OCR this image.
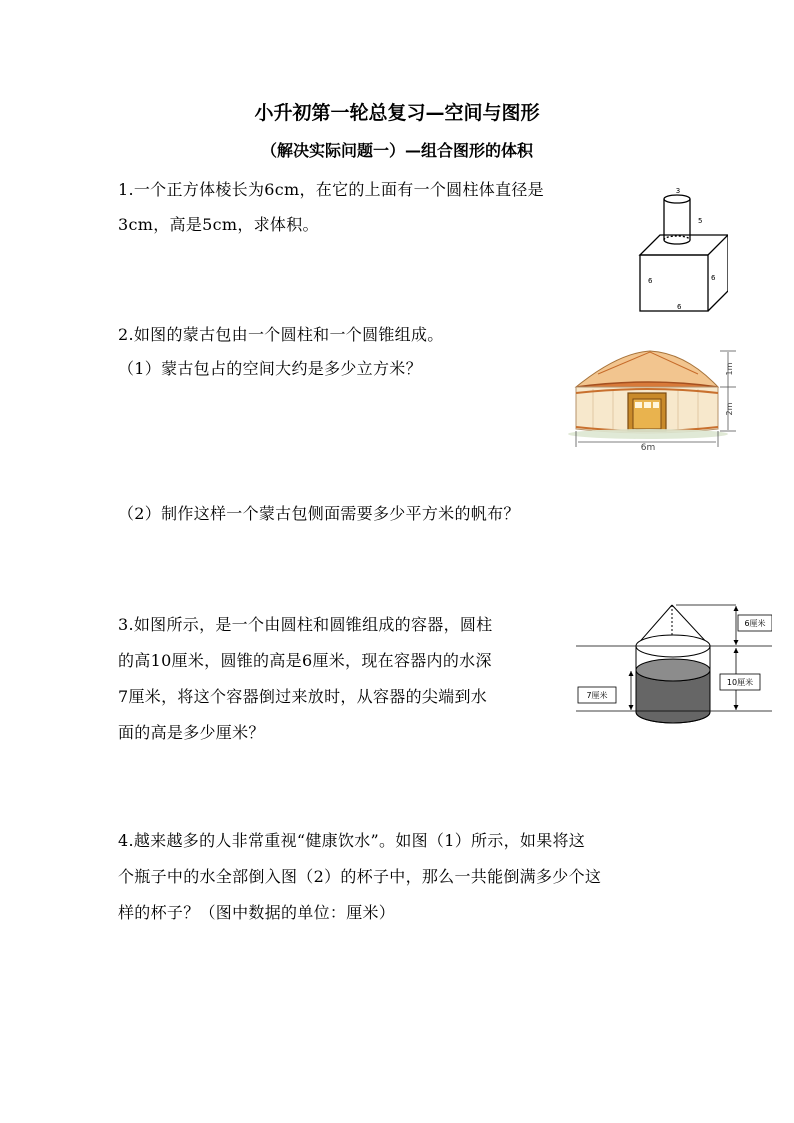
小升初第一轮总复习—空间与图形
（解决实际问题一）—组合图形的体积
1.一个正方体棱长为6cm，在它的上面有一个圆柱体直径是
3cm，高是5cm，求体积。
3
5
6	6
6
2.如图的蒙古包由一个圆柱和一个圆锥组成。
（1）蒙古包占的空间大约是多少立方米？
6m
1m
2m
（2）制作这样一个蒙古包侧面需要多少平方米的帆布？
3.如图所示，是一个由圆柱和圆锥组成的容器，圆柱
的高10厘米，圆锥的高是6厘米，现在容器内的水深
7厘米，将这个容器倒过来放时，从容器的尖端到水
面的高是多少厘米？
6厘米
10厘米
7厘米
4.越来越多的人非常重视“健康饮水”。如图（1）所示，如果将这
个瓶子中的水全部倒入图（2）的杯子中，那么一共能倒满多少个这
样的杯子？（图中数据的单位：厘米）
